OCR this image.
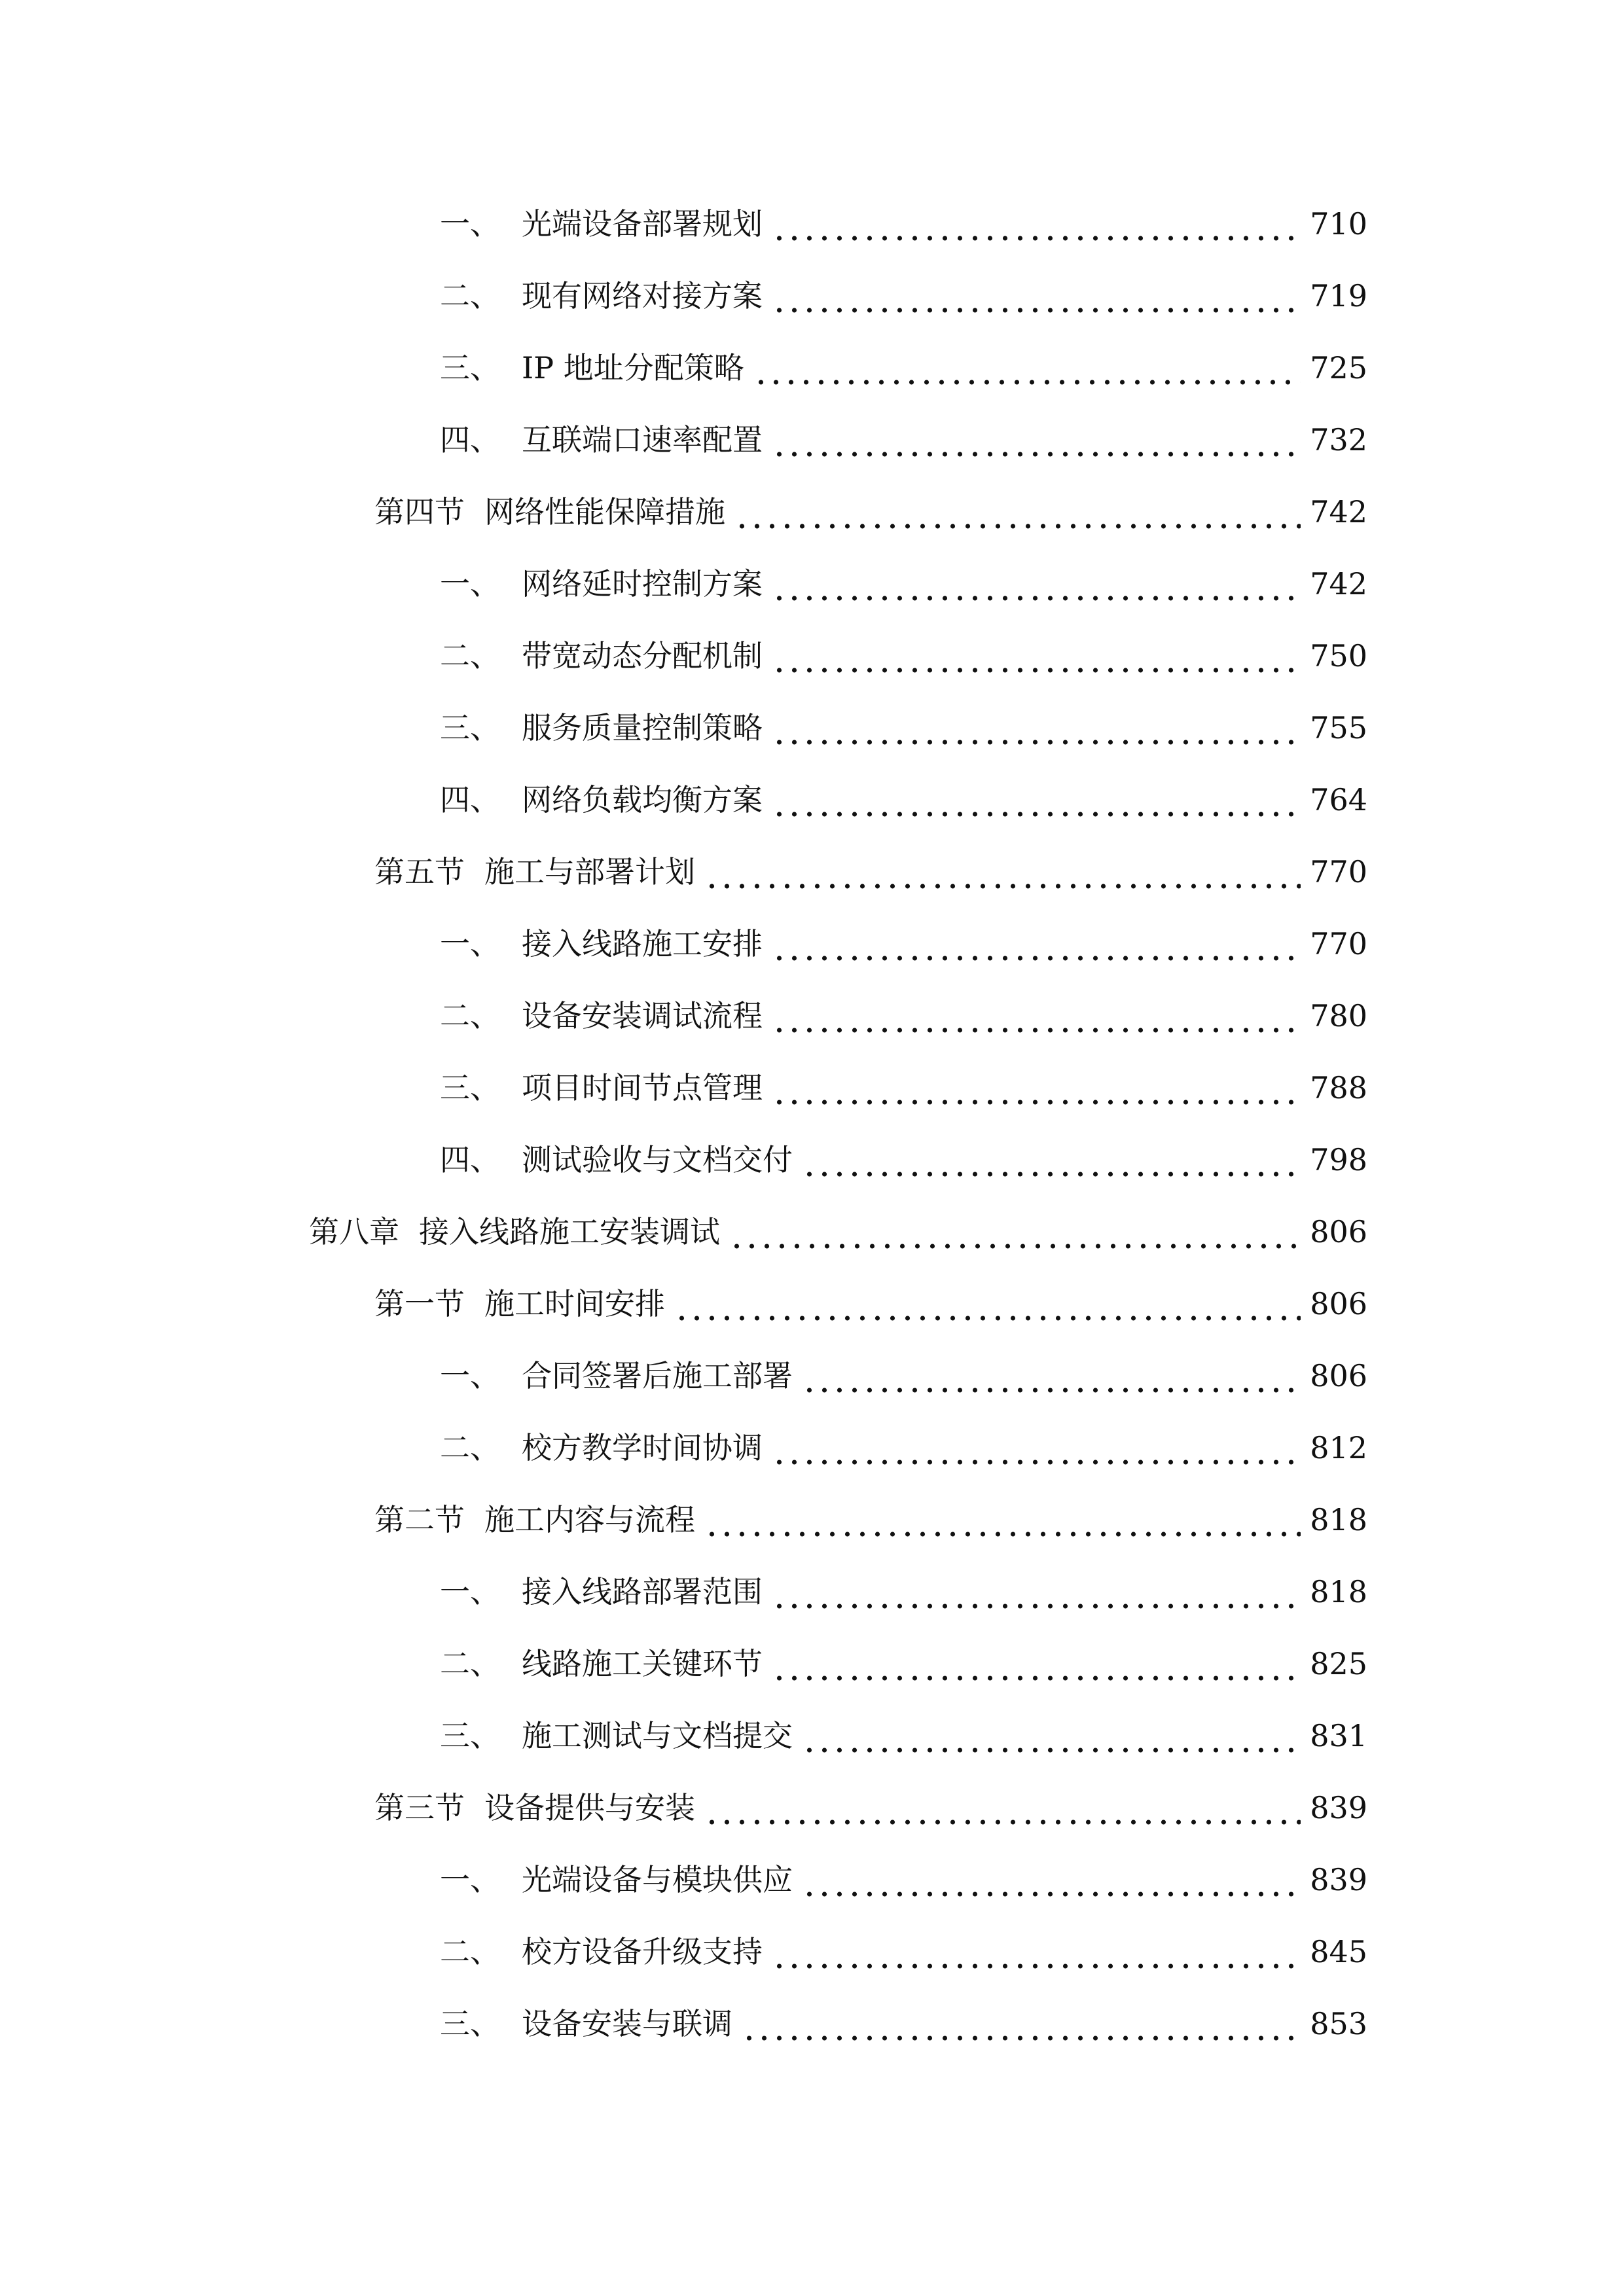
一、 光端设备部署规划	710
二、 现有网络对接方案	719
三、 IP 地址分配策略	725
四、 互联端口速率配置	732
第四节 网络性能保障措施	742
一、 网络延时控制方案	742
二、 带宽动态分配机制	750
三、 服务质量控制策略	755
四、 网络负载均衡方案	764
第五节 施工与部署计划	770
一、 接入线路施工安排	770
二、 设备安装调试流程	780
三、 项目时间节点管理	788
四、 测试验收与文档交付	798
第八章 接入线路施工安装调试	806
第一节 施工时间安排	806
一、 合同签署后施工部署	806
二、 校方教学时间协调	812
第二节 施工内容与流程	818
一、 接入线路部署范围	818
二、 线路施工关键环节	825
三、 施工测试与文档提交	831
第三节 设备提供与安装	839
一、 光端设备与模块供应	839
二、 校方设备升级支持	845
三、 设备安装与联调	853
